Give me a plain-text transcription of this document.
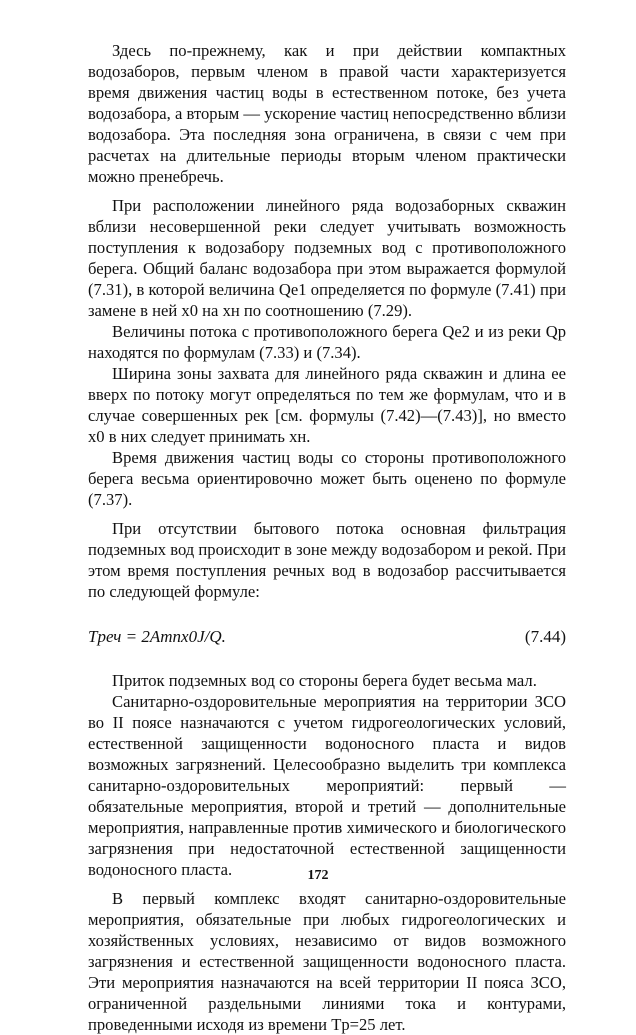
Здесь по-прежнему, как и при действии компактных водозаборов, первым членом в правой части характеризуется время движения частиц воды в естественном потоке, без учета водозабора, а вторым — ускорение частиц непосредственно вблизи водозабора. Эта последняя зона ограничена, в связи с чем при расчетах на длительные периоды вторым членом практически можно пренебречь.

При расположении линейного ряда водозаборных скважин вблизи несовершенной реки следует учитывать возможность поступления к водозабору подземных вод с противоположного берега. Общий баланс водозабора при этом выражается формулой (7.31), в которой величина Qe1 определяется по формуле (7.41) при замене в ней x0 на xн по соотношению (7.29).

Величины потока с противоположного берега Qe2 и из реки Qр находятся по формулам (7.33) и (7.34).

Ширина зоны захвата для линейного ряда скважин и длина ее вверх по потоку могут определяться по тем же формулам, что и в случае совершенных рек [см. формулы (7.42)—(7.43)], но вместо x0 в них следует принимать xн.

Время движения частиц воды со стороны противоположного берега весьма ориентировочно может быть оценено по формуле (7.37).

При отсутствии бытового потока основная фильтрация подземных вод происходит в зоне между водозабором и рекой. При этом время поступления речных вод в водозабор рассчитывается по следующей формуле:

Tреч = 2Amnx0J/Q.	(7.44)

Приток подземных вод со стороны берега будет весьма мал.

Санитарно-оздоровительные мероприятия на территории ЗСО во II поясе назначаются с учетом гидрогеологических условий, естественной защищенности водоносного пласта и видов возможных загрязнений. Целесообразно выделить три комплекса санитарно-оздоровительных мероприятий: первый — обязательные мероприятия, второй и третий — дополнительные мероприятия, направленные против химического и биологического загрязнения при недостаточной естественной защищенности водоносного пласта.

В первый комплекс входят санитарно-оздоровительные мероприятия, обязательные при любых гидрогеологических и хозяйственных условиях, независимо от видов возможного загрязнения и естественной защищенности водоносного пласта. Эти мероприятия назначаются на всей территории II пояса ЗСО, ограниченной раздельными линиями тока и контурами, проведенными исходя из времени Tр=25 лет.

172
